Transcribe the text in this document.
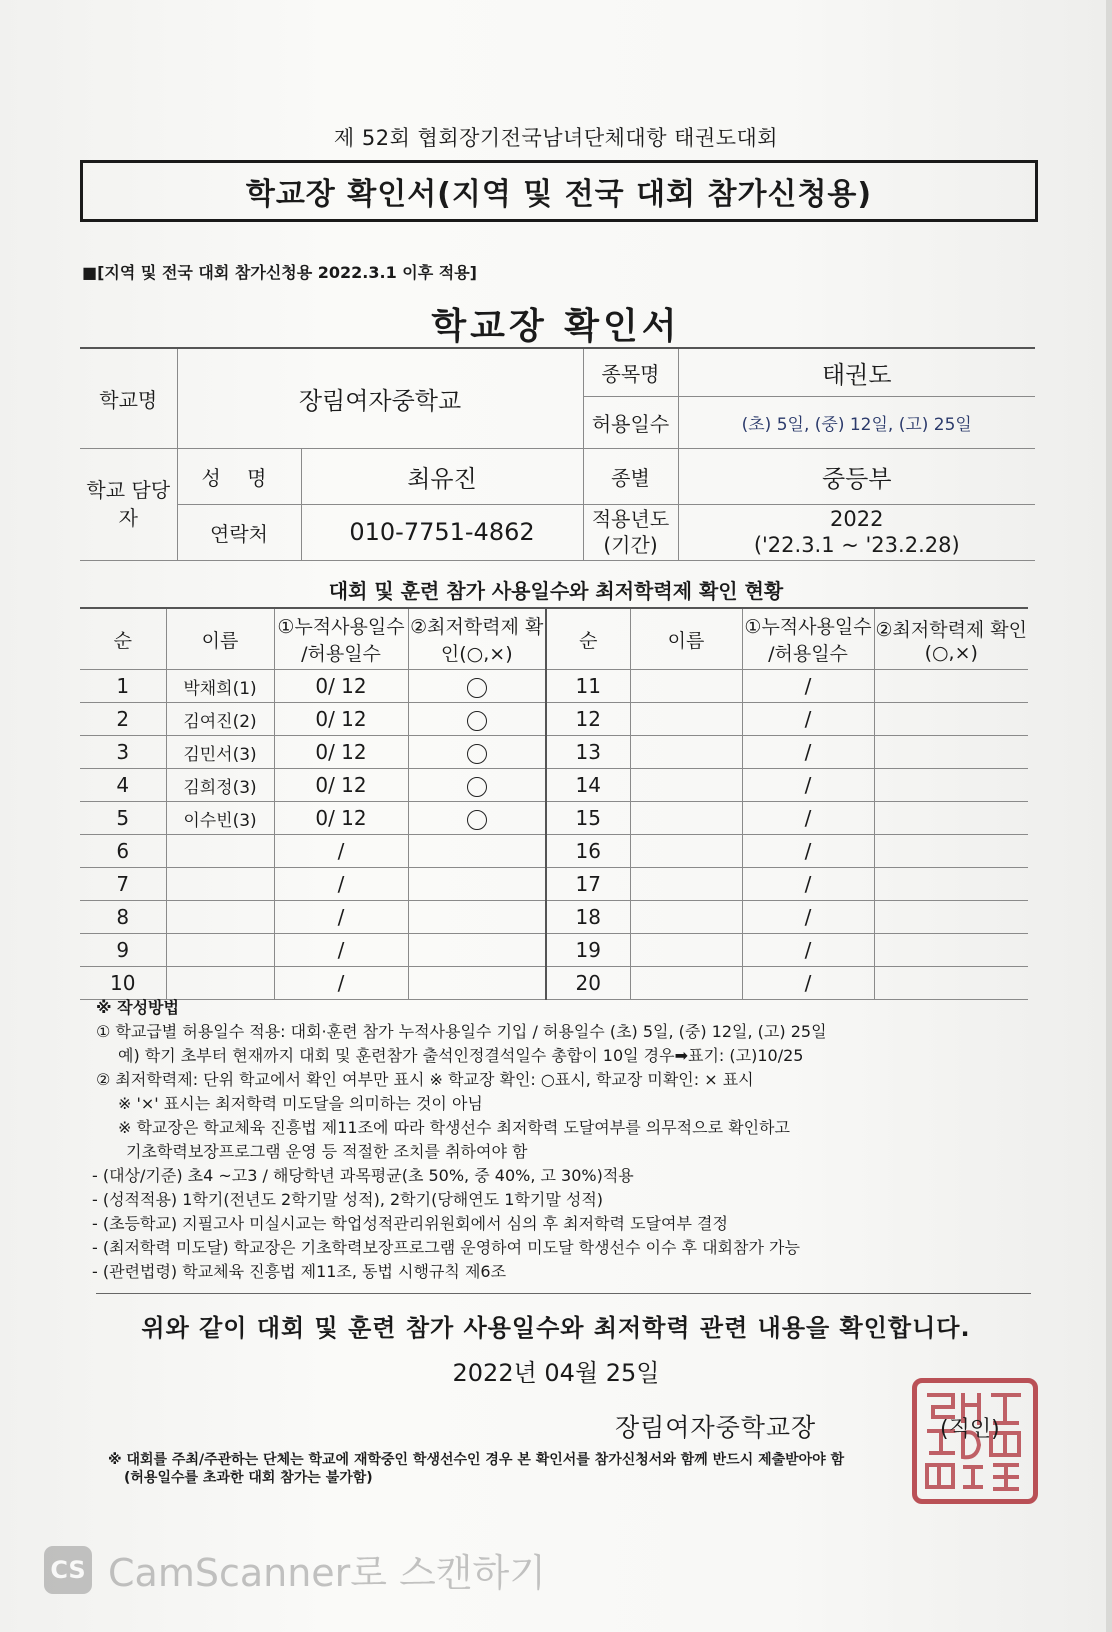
제 52회 협회장기전국남녀단체대항 태권도대회
학교장 확인서(지역 및 전국 대회 참가신청용)
■[지역 및 전국 대회 참가신청용 2022.3.1 이후 적용]
학교장 확인서
학교명	장림여자중학교		종목명	태권도
			허용일수	(초) 5일, (중) 12일, (고) 25일
학교 담당자	성 명	최유진	종별	중등부
	연락처	010-7751-4862	적용년도 (기간)	2022
('22.3.1 ~ '23.2.28)
대회 및 훈련 참가 사용일수와 최저학력제 확인 현황
순	이름	①누적사용일수 /허용일수	②최저학력제 확인(○,×)	순	이름	①누적사용일수 /허용일수	②최저학력제 확인(○,×)
1	박채희(1)	0/ 12		11		/	
2	김여진(2)	0/ 12		12		/	
3	김민서(3)	0/ 12		13		/	
4	김희정(3)	0/ 12		14		/	
5	이수빈(3)	0/ 12		15		/	
6		/		16		/	
7		/		17		/	
8		/		18		/	
9		/		19		/	
10		/		20		/	
※ 작성방법
① 학교급별 허용일수 적용: 대회·훈련 참가 누적사용일수 기입 / 허용일수 (초) 5일, (중) 12일, (고) 25일
예) 학기 초부터 현재까지 대회 및 훈련참가 출석인정결석일수 총합이 10일 경우➡표기: (고)10/25
② 최저학력제: 단위 학교에서 확인 여부만 표시 ※ 학교장 확인: ○표시, 학교장 미확인: × 표시
※ '×' 표시는 최저학력 미도달을 의미하는 것이 아님
※ 학교장은 학교체육 진흥법 제11조에 따라 학생선수 최저학력 도달여부를 의무적으로 확인하고
기초학력보장프로그램 운영 등 적절한 조치를 취하여야 함
- (대상/기준) 초4 ~고3 / 해당학년 과목평균(초 50%, 중 40%, 고 30%)적용
- (성적적용) 1학기(전년도 2학기말 성적), 2학기(당해연도 1학기말 성적)
- (초등학교) 지필고사 미실시교는 학업성적관리위원회에서 심의 후 최저학력 도달여부 결정
- (최저학력 미도달) 학교장은 기초학력보장프로그램 운영하여 미도달 학생선수 이수 후 대회참가 가능
- (관련법령) 학교체육 진흥법 제11조, 동법 시행규칙 제6조
위와 같이 대회 및 훈련 참가 사용일수와 최저학력 관련 내용을 확인합니다.
2022년 04월 25일
장림여자중학교장	(직인)
※ 대회를 주최/주관하는 단체는 학교에 재학중인 학생선수인 경우 본 확인서를 참가신청서와 함께 반드시 제출받아야 함
(허용일수를 초과한 대회 참가는 불가함)
CS CamScanner로 스캔하기
